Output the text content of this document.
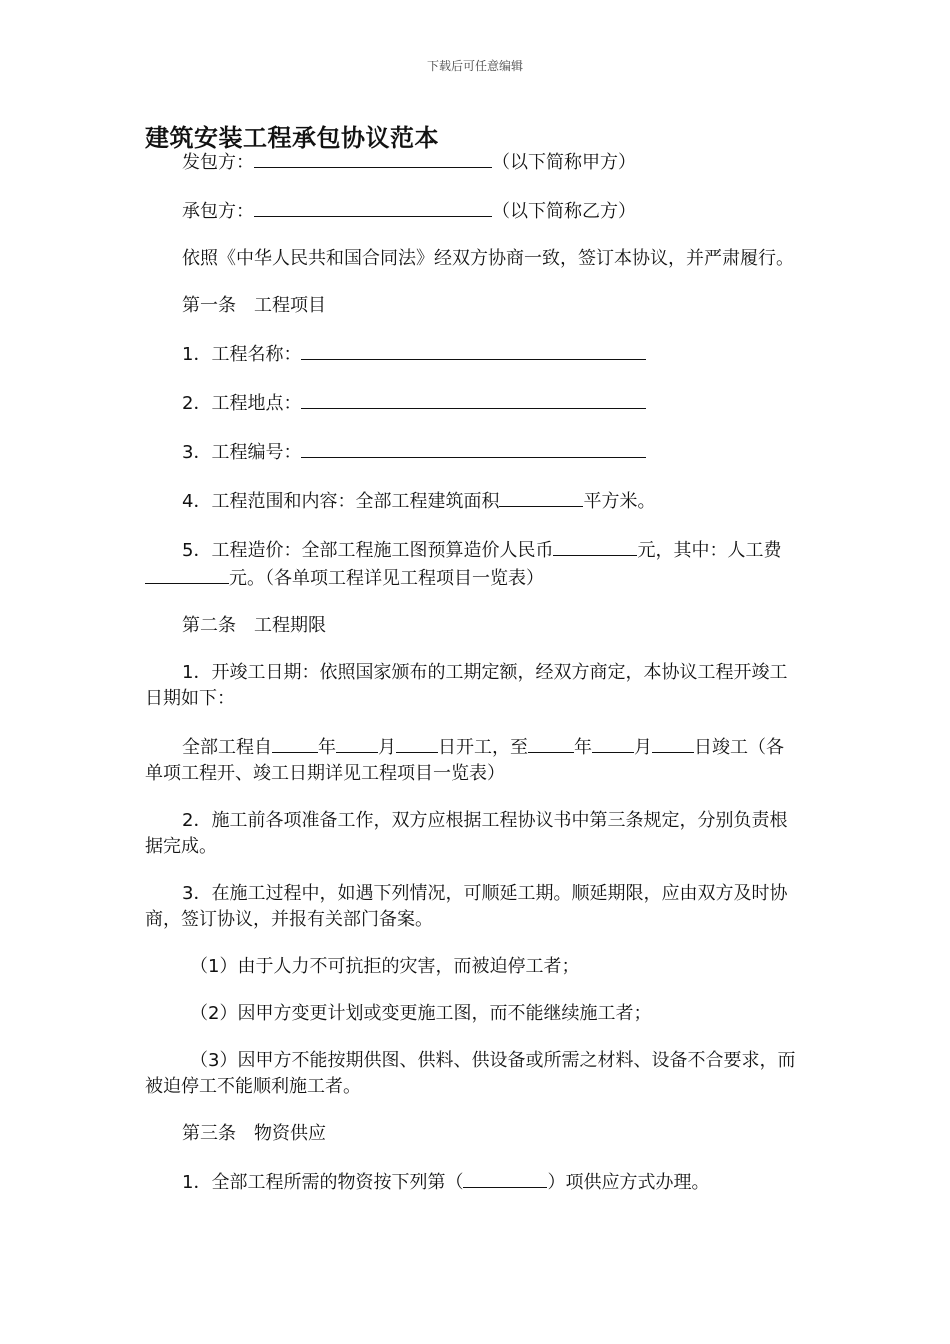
下载后可任意编辑
建筑安装工程承包协议范本

发包方：	（以下简称甲方）

承包方：	（以下简称乙方）

依照《中华人民共和国合同法》经双方协商一致，签订本协议，并严肃履行。

第一条　工程项目

1．工程名称：

2．工程地点：

3．工程编号：

4．工程范围和内容：全部工程建筑面积	平方米。

5．工程造价：全部工程施工图预算造价人民币	元，其中：人工费元。（各单项工程详见工程项目一览表）

第二条　工程期限

1．开竣工日期：依照国家颁布的工期定额，经双方商定，本协议工程开竣工日期如下：

全部工程自	年 月 日开工，至	年 月 日竣工（各单项工程开、竣工日期详见工程项目一览表）

2．施工前各项准备工作，双方应根据工程协议书中第三条规定，分别负责根据完成。

3．在施工过程中，如遇下列情况，可顺延工期。顺延期限，应由双方及时协商，签订协议，并报有关部门备案。

（1）由于人力不可抗拒的灾害，而被迫停工者；

（2）因甲方变更计划或变更施工图，而不能继续施工者；

（3）因甲方不能按期供图、供料、供设备或所需之材料、设备不合要求，而被迫停工不能顺利施工者。

第三条　物资供应

1．全部工程所需的物资按下列第（	）项供应方式办理。
